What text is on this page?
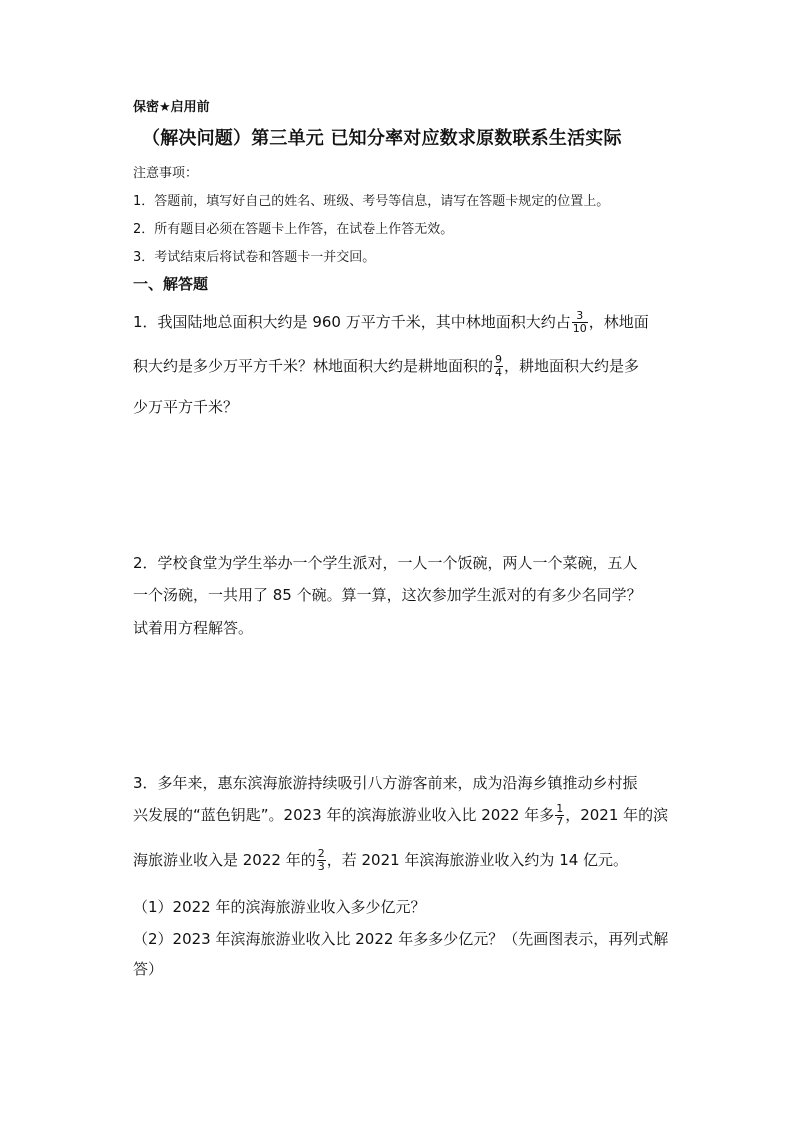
保密★启用前
（解决问题）第三单元 已知分率对应数求原数联系生活实际
注意事项：
1．答题前，填写好自己的姓名、班级、考号等信息，请写在答题卡规定的位置上。
2．所有题目必须在答题卡上作答，在试卷上作答无效。
3．考试结束后将试卷和答题卡一并交回。
一、解答题
1．我国陆地总面积大约是 960 万平方千米，其中林地面积大约占 $\frac{3}{10}$ ，林地面
积大约是多少万平方千米？林地面积大约是耕地面积的 $\frac{9}{4}$ ，耕地面积大约是多
少万平方千米？
2．学校食堂为学生举办一个学生派对，一人一个饭碗，两人一个菜碗，五人
一个汤碗，一共用了 85 个碗。算一算，这次参加学生派对的有多少名同学？
试着用方程解答。
3．多年来，惠东滨海旅游持续吸引八方游客前来，成为沿海乡镇推动乡村振
兴发展的“蓝色钥匙”。2023 年的滨海旅游业收入比 2022 年多 $\frac{1}{7}$ ，2021 年的滨
海旅游业收入是 2022 年的 $\frac{2}{3}$ ，若 2021 年滨海旅游业收入约为 14 亿元。
（1）2022 年的滨海旅游业收入多少亿元？
（2）2023 年滨海旅游业收入比 2022 年多多少亿元？（先画图表示，再列式解
答）
